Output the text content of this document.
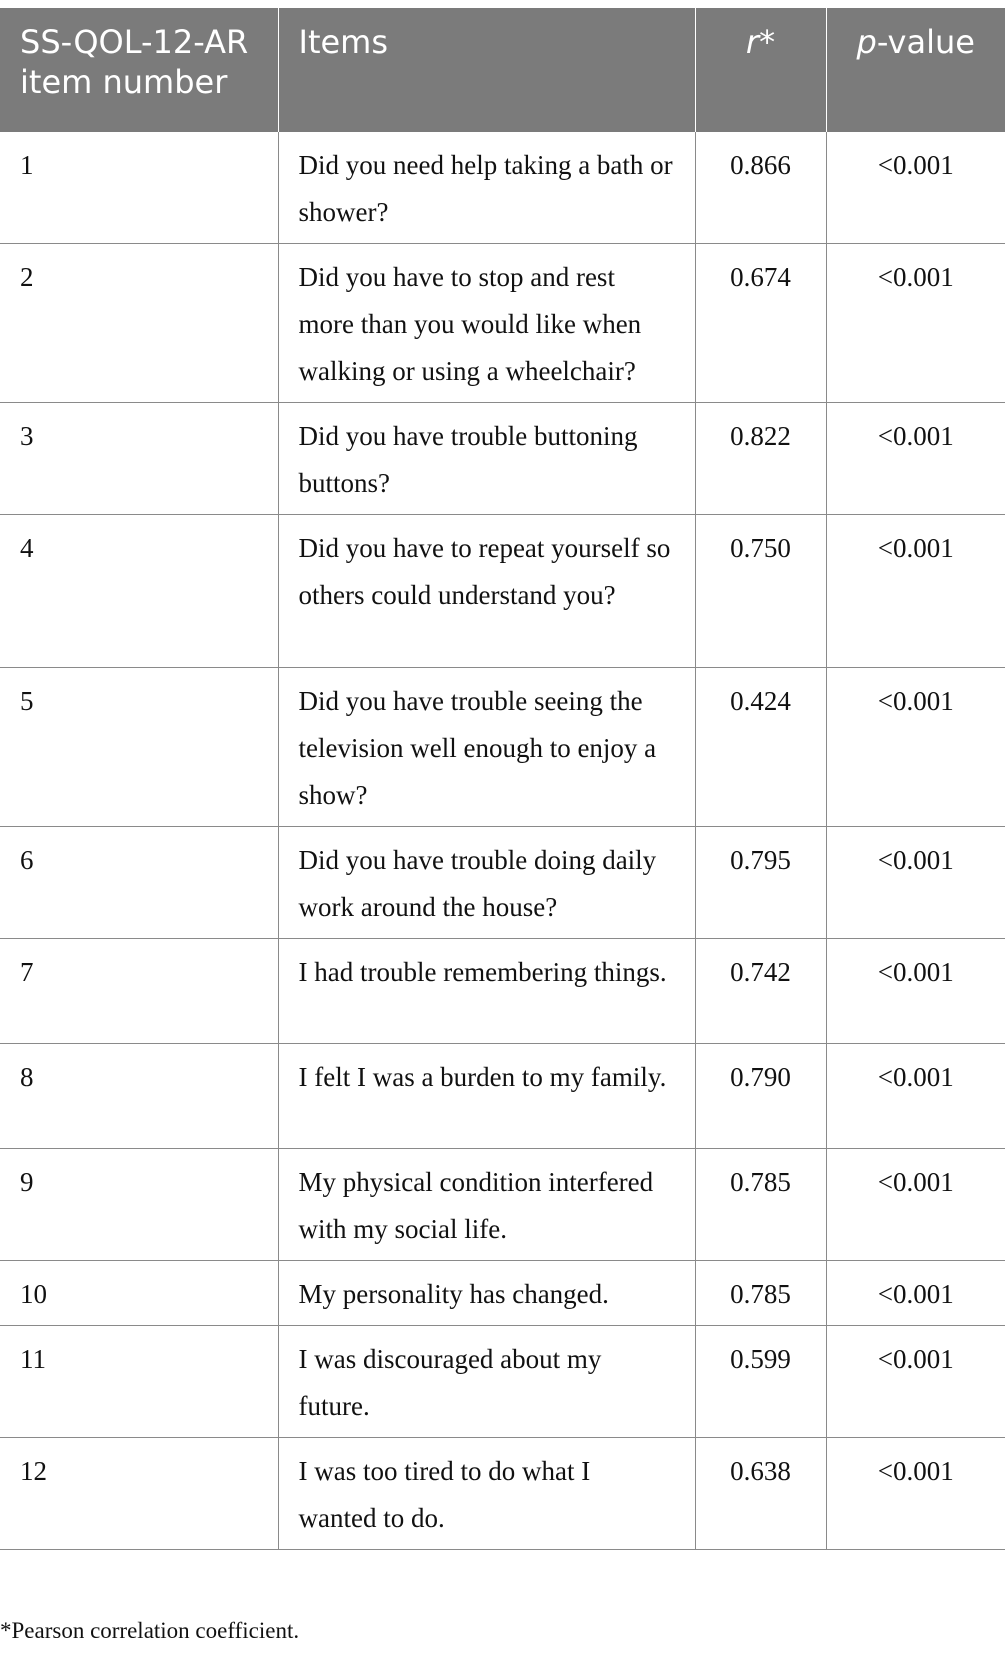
SS-QOL-12-AR item number	Items	r*	p-value
1	Did you need help taking a bath or shower?	0.866	<0.001
2	Did you have to stop and rest more than you would like when walking or using a wheelchair?	0.674	<0.001
3	Did you have trouble buttoning buttons?	0.822	<0.001
4	Did you have to repeat yourself so others could understand you?	0.750	<0.001
5	Did you have trouble seeing the television well enough to enjoy a show?	0.424	<0.001
6	Did you have trouble doing daily work around the house?	0.795	<0.001
7	I had trouble remembering things.	0.742	<0.001
8	I felt I was a burden to my family.	0.790	<0.001
9	My physical condition interfered with my social life.	0.785	<0.001
10	My personality has changed.	0.785	<0.001
11	I was discouraged about my future.	0.599	<0.001
12	I was too tired to do what I wanted to do.	0.638	<0.001
*Pearson correlation coefficient.
